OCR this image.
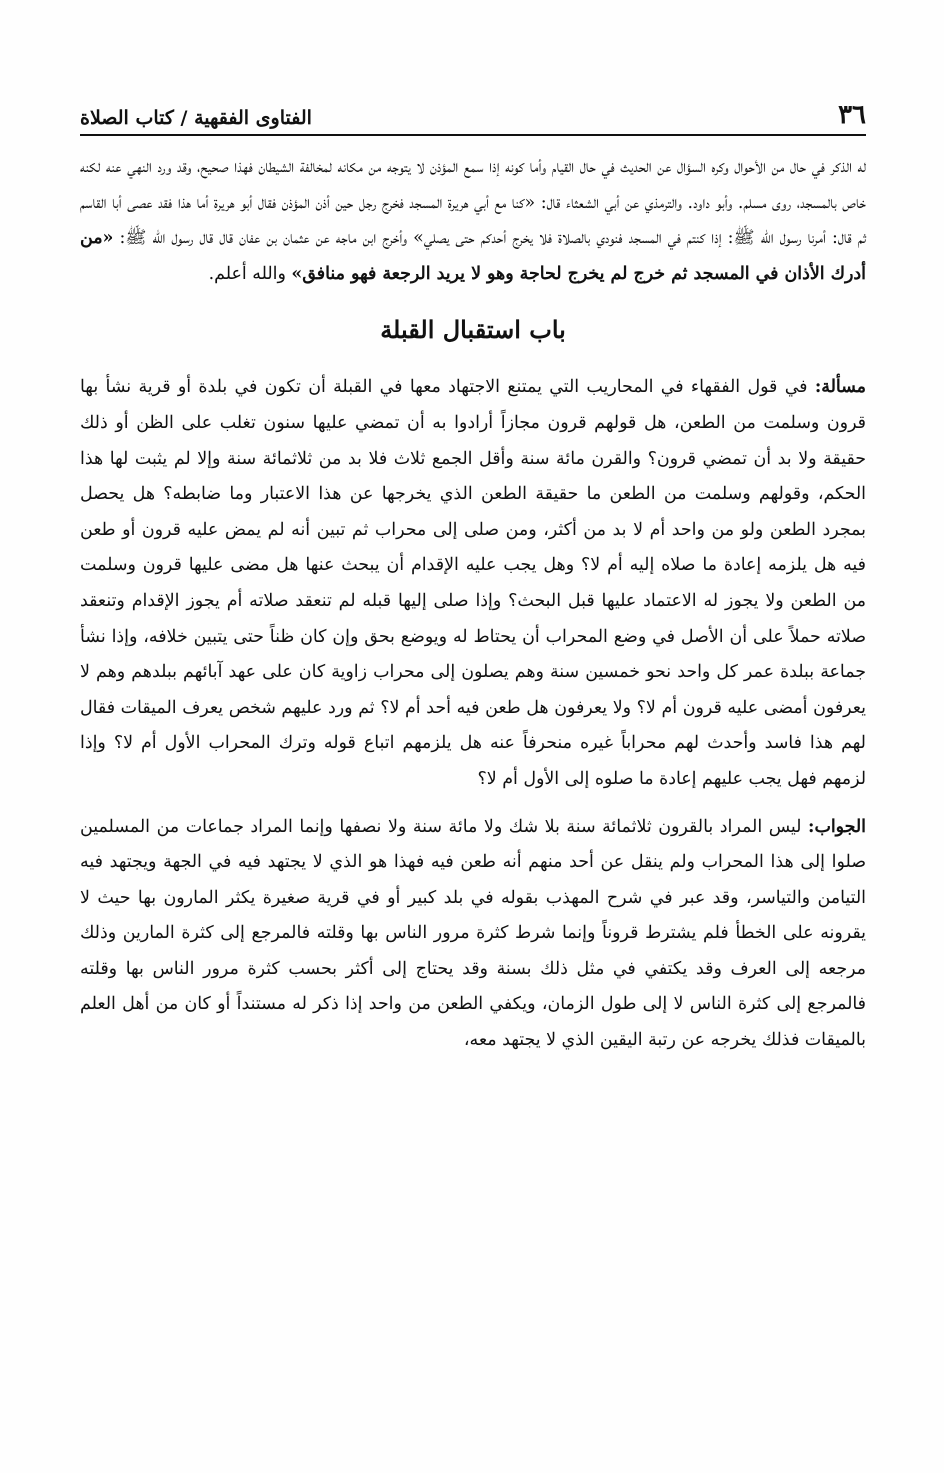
٣٦
الفتاوى الفقهية / كتاب الصلاة

له الذكر في حال من الأحوال وكره السؤال عن الحديث في حال القيام وأما كونه إذا سمع المؤذن لا يتوجه من مكانه لمخالفة الشيطان فهذا صحيح، وقد ورد النهي عنه لكنه خاص بالمسجد، روى مسلم. وأبو داود. والترمذي عن أبي الشعثاء قال: «كنا مع أبي هريرة المسجد فخرج رجل حين أذن المؤذن فقال أبو هريرة أما هذا فقد عصى أبا القاسم ثم قال: أمرنا رسول الله ﷺ: إذا كنتم في المسجد فنودي بالصلاة فلا يخرج أحدكم حتى يصلي» وأخرج ابن ماجه عن عثمان بن عفان قال قال رسول الله ﷺ: «من أدرك الأذان في المسجد ثم خرج لم يخرج لحاجة وهو لا يريد الرجعة فهو منافق» والله أعلم.

باب استقبال القبلة

مسألة: في قول الفقهاء في المحاريب التي يمتنع الاجتهاد معها في القبلة أن تكون في بلدة أو قرية نشأ بها قرون وسلمت من الطعن، هل قولهم قرون مجازاً أرادوا به أن تمضي عليها سنون تغلب على الظن أو ذلك حقيقة ولا بد أن تمضي قرون؟ والقرن مائة سنة وأقل الجمع ثلاث فلا بد من ثلاثمائة سنة وإلا لم يثبت لها هذا الحكم، وقولهم وسلمت من الطعن ما حقيقة الطعن الذي يخرجها عن هذا الاعتبار وما ضابطه؟ هل يحصل بمجرد الطعن ولو من واحد أم لا بد من أكثر، ومن صلى إلى محراب ثم تبين أنه لم يمض عليه قرون أو طعن فيه هل يلزمه إعادة ما صلاه إليه أم لا؟ وهل يجب عليه الإقدام أن يبحث عنها هل مضى عليها قرون وسلمت من الطعن ولا يجوز له الاعتماد عليها قبل البحث؟ وإذا صلى إليها قبله لم تنعقد صلاته أم يجوز الإقدام وتنعقد صلاته حملاً على أن الأصل في وضع المحراب أن يحتاط له ويوضع بحق وإن كان ظناً حتى يتبين خلافه، وإذا نشأ جماعة ببلدة عمر كل واحد نحو خمسين سنة وهم يصلون إلى محراب زاوية كان على عهد آبائهم ببلدهم وهم لا يعرفون أمضى عليه قرون أم لا؟ ولا يعرفون هل طعن فيه أحد أم لا؟ ثم ورد عليهم شخص يعرف الميقات فقال لهم هذا فاسد وأحدث لهم محراباً غيره منحرفاً عنه هل يلزمهم اتباع قوله وترك المحراب الأول أم لا؟ وإذا لزمهم فهل يجب عليهم إعادة ما صلوه إلى الأول أم لا؟

الجواب: ليس المراد بالقرون ثلاثمائة سنة بلا شك ولا مائة سنة ولا نصفها وإنما المراد جماعات من المسلمين صلوا إلى هذا المحراب ولم ينقل عن أحد منهم أنه طعن فيه فهذا هو الذي لا يجتهد فيه في الجهة ويجتهد فيه التيامن والتياسر، وقد عبر في شرح المهذب بقوله في بلد كبير أو في قرية صغيرة يكثر المارون بها حيث لا يقرونه على الخطأ فلم يشترط قروناً وإنما شرط كثرة مرور الناس بها وقلته فالمرجع إلى كثرة المارين وذلك مرجعه إلى العرف وقد يكتفي في مثل ذلك بسنة وقد يحتاج إلى أكثر بحسب كثرة مرور الناس بها وقلته فالمرجع إلى كثرة الناس لا إلى طول الزمان، ويكفي الطعن من واحد إذا ذكر له مستنداً أو كان من أهل العلم بالميقات فذلك يخرجه عن رتبة اليقين الذي لا يجتهد معه،
